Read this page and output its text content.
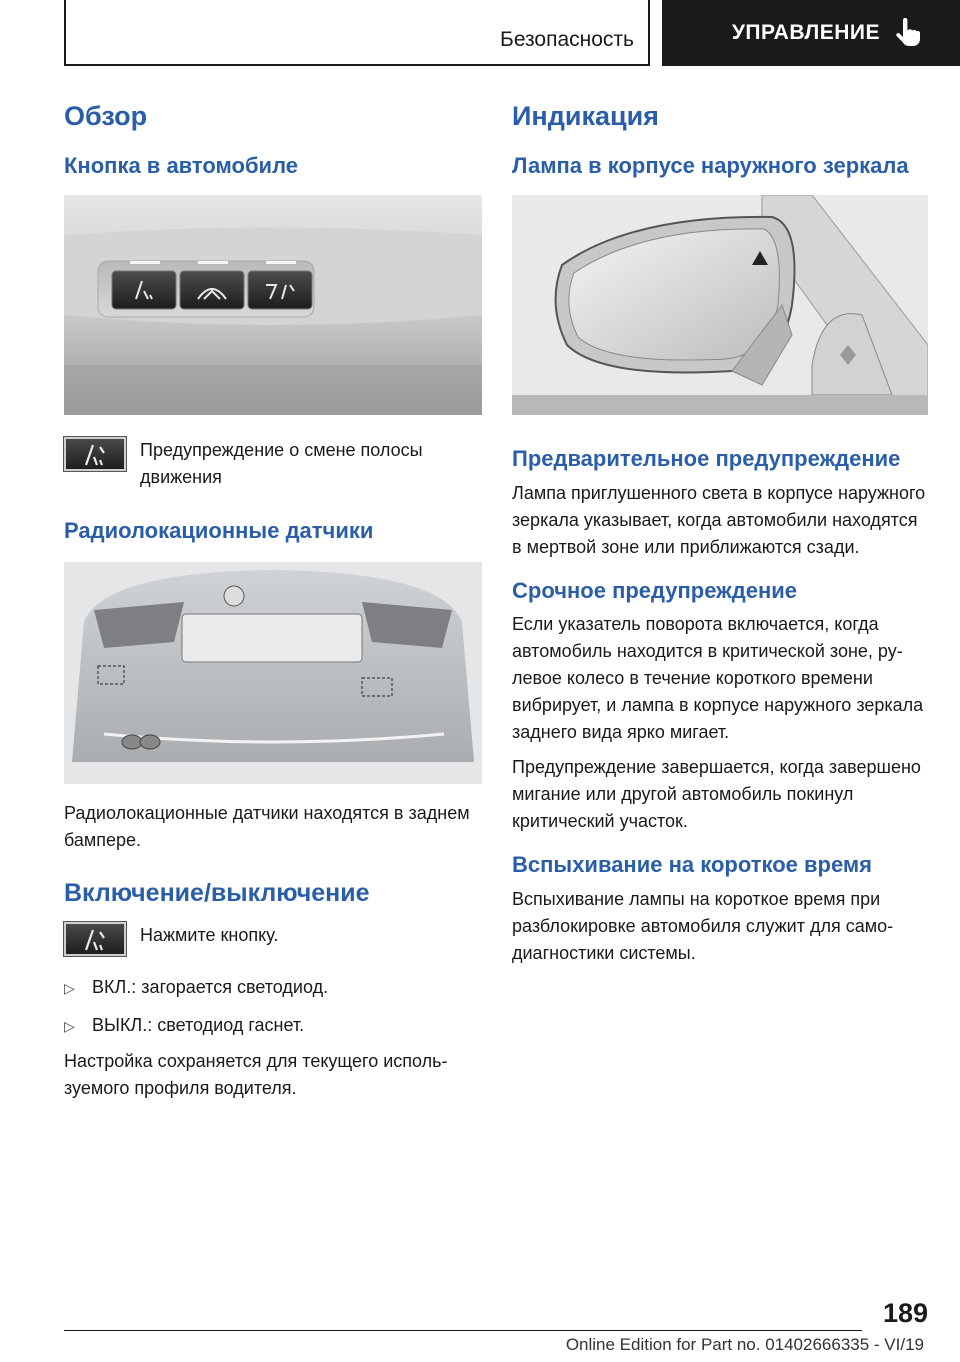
Безопасность	УПРАВЛЕНИЕ
Обзор
Кнопка в автомобиле

Предупреждение о смене полосы движения

Радиолокационные датчики

Радиолокационные датчики находятся в заднем бампере.

Включение/выключение

Нажмите кнопку.

▷ ВКЛ.: загорается светодиод.
▷ ВЫКЛ.: светодиод гаснет.

Настройка сохраняется для текущего используемого профиля водителя.

Индикация
Лампа в корпусе наружного зеркала
Предварительное предупреждение

Лампа приглушенного света в корпусе наружного зеркала указывает, когда автомобили находятся в мертвой зоне или приближаются сзади.

Срочное предупреждение

Если указатель поворота включается, когда автомобиль находится в критической зоне, рулевое колесо в течение короткого времени вибрирует, и лампа в корпусе наружного зеркала заднего вида ярко мигает.

Предупреждение завершается, когда завершено мигание или другой автомобиль покинул критический участок.

Вспыхивание на короткое время

Вспыхивание лампы на короткое время при разблокировке автомобиля служит для самодиагностики системы.

189
Online Edition for Part no. 01402666335 - VI/19
